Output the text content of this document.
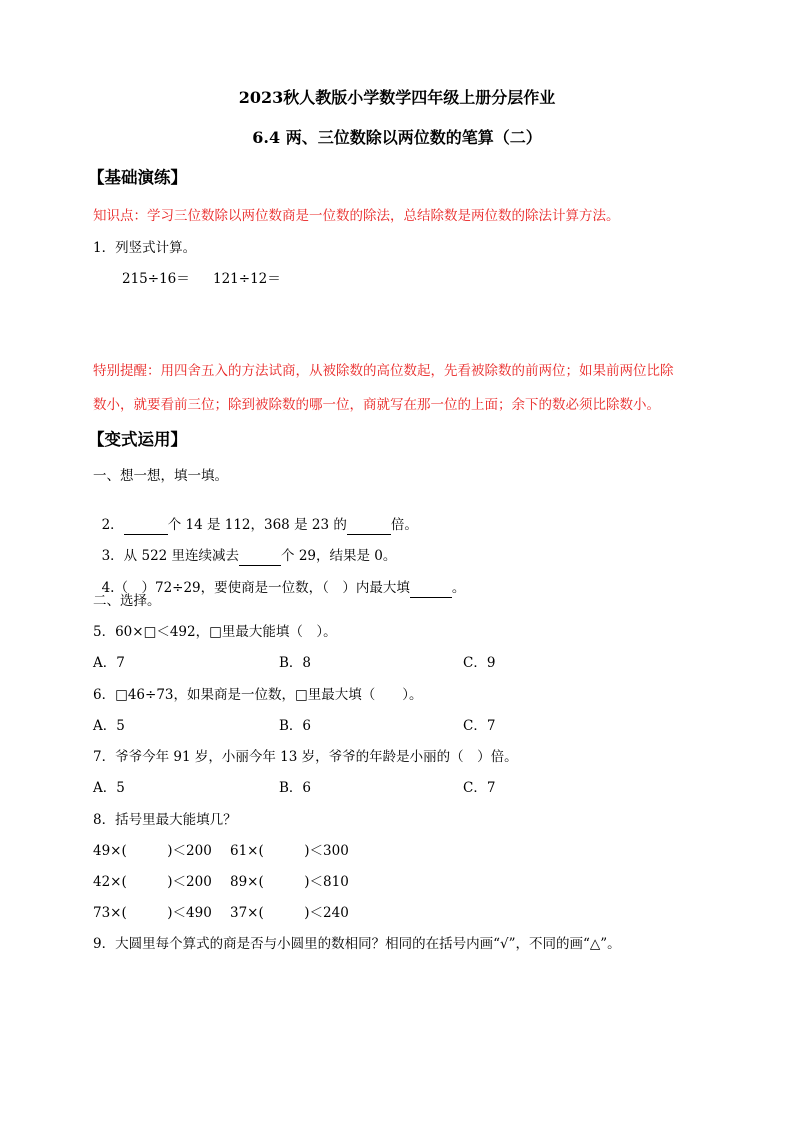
2023秋人教版小学数学四年级上册分层作业
6.4 两、三位数除以两位数的笔算（二）
【基础演练】
知识点：学习三位数除以两位数商是一位数的除法，总结除数是两位数的除法计算方法。
1．列竖式计算。
215÷16＝ 121÷12＝
特别提醒：用四舍五入的方法试商，从被除数的高位数起，先看被除数的前两位；如果前两位比除
数小，就要看前三位；除到被除数的哪一位，商就写在那一位的上面；余下的数必须比除数小。
【变式运用】
一、想一想，填一填。

2．	个 14 是 112，368 是 23 的	倍。

3．从 522 里连续减去	个 29，结果是 0。

4.（　）72÷29，要使商是一位数，（　）内最大填	。

二、选择。
5．60×□＜492，□里最大能填（　）。
A．7	B．8	C．9
6．□46÷73，如果商是一位数，□里最大填（　　）。
A．5	B．6	C．7
7．爷爷今年 91 岁，小丽今年 13 岁，爷爷的年龄是小丽的（　）倍。
A．5	B．6	C．7
8．括号里最大能填几？
49×(　　　)＜200 61×(　　　)＜300
42×(　　　)＜200 89×(　　　)＜810
73×(　　　)＜490 37×(　　　)＜240
9．大圆里每个算式的商是否与小圆里的数相同？相同的在括号内画“√”，不同的画“△”。
